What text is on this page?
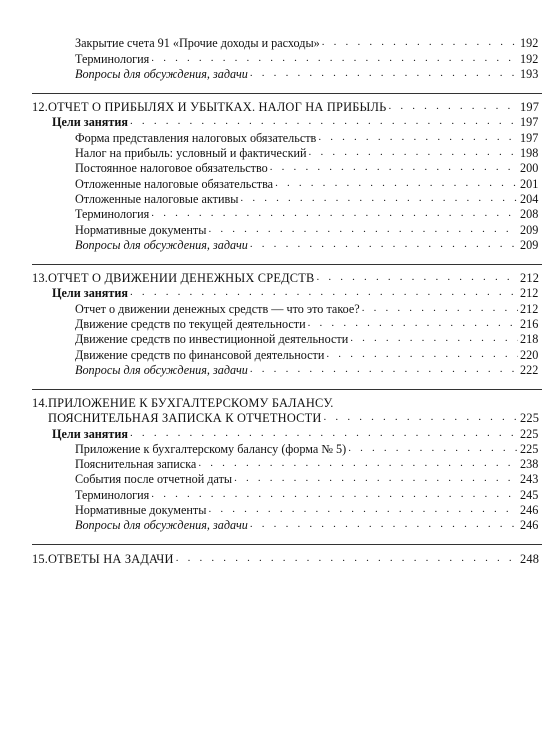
Закрытие счета 91 «Прочие доходы и расходы» . . .	192
Терминология . . .	192
Вопросы для обсуждения, задачи . . .	193
12.ОТЧЕТ О ПРИБЫЛЯХ И УБЫТКАХ. НАЛОГ НА ПРИБЫЛЬ . . .	197
Цели занятия . . .	197
Форма представления налоговых обязательств . . .	197
Налог на прибыль: условный и фактический . . .	198
Постоянное налоговое обязательство . . .	200
Отложенные налоговые обязательства . . .	201
Отложенные налоговые активы . . .	204
Терминология . . .	208
Нормативные документы . . .	209
Вопросы для обсуждения, задачи . . .	209
13.ОТЧЕТ О ДВИЖЕНИИ ДЕНЕЖНЫХ СРЕДСТВ . . .	212
Цели занятия . . .	212
Отчет о движении денежных средств — что это такое? . . .	212
Движение средств по текущей деятельности . . .	216
Движение средств по инвестиционной деятельности . . .	218
Движение средств по финансовой деятельности . . .	220
Вопросы для обсуждения, задачи . . .	222
14.ПРИЛОЖЕНИЕ К БУХГАЛТЕРСКОМУ БАЛАНСУ.
ПОЯСНИТЕЛЬНАЯ ЗАПИСКА К ОТЧЕТНОСТИ . . .	225
Цели занятия . . .	225
Приложение к бухгалтерскому балансу (форма № 5) . . .	225
Пояснительная записка . . .	238
События после отчетной даты . . .	243
Терминология . . .	245
Нормативные документы . . .	246
Вопросы для обсуждения, задачи . . .	246
15.ОТВЕТЫ НА ЗАДАЧИ . . .	248
